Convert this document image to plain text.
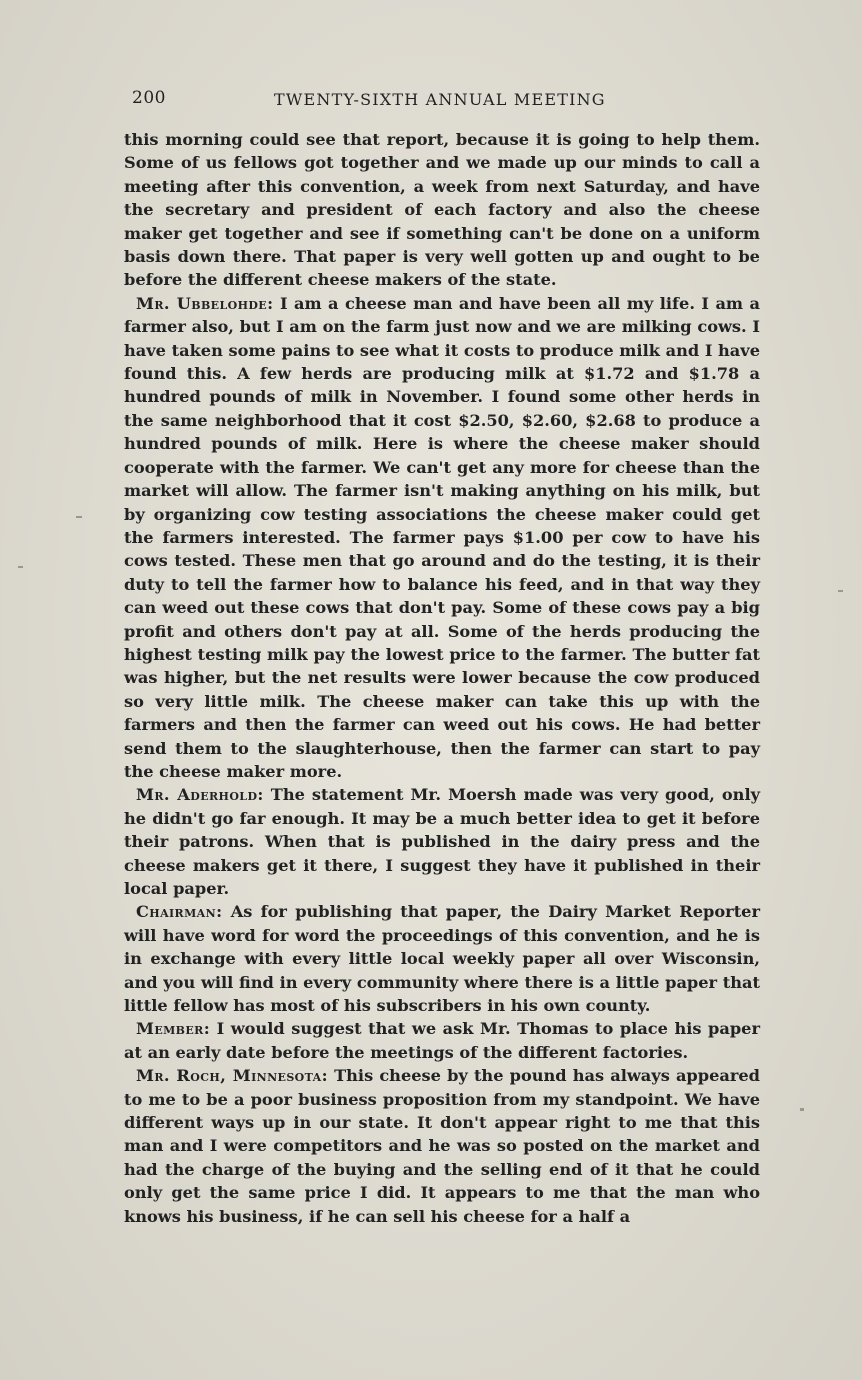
200	TWENTY-SIXTH ANNUAL MEETING

this morning could see that report, because it is going to help them. Some of us fellows got together and we made up our minds to call a meeting after this convention, a week from next Saturday, and have the secretary and president of each factory and also the cheese maker get together and see if something can't be done on a uniform basis down there. That paper is very well gotten up and ought to be before the different cheese makers of the state.

Mr. Ubbelohde: I am a cheese man and have been all my life. I am a farmer also, but I am on the farm just now and we are milking cows. I have taken some pains to see what it costs to produce milk and I have found this. A few herds are producing milk at $1.72 and $1.78 a hundred pounds of milk in November. I found some other herds in the same neighborhood that it cost $2.50, $2.60, $2.68 to produce a hundred pounds of milk. Here is where the cheese maker should cooperate with the farmer. We can't get any more for cheese than the market will allow. The farmer isn't making anything on his milk, but by organizing cow testing associations the cheese maker could get the farmers interested. The farmer pays $1.00 per cow to have his cows tested. These men that go around and do the testing, it is their duty to tell the farmer how to balance his feed, and in that way they can weed out these cows that don't pay. Some of these cows pay a big profit and others don't pay at all. Some of the herds producing the highest testing milk pay the lowest price to the farmer. The butter fat was higher, but the net results were lower because the cow produced so very little milk. The cheese maker can take this up with the farmers and then the farmer can weed out his cows. He had better send them to the slaughterhouse, then the farmer can start to pay the cheese maker more.

Mr. Aderhold: The statement Mr. Moersh made was very good, only he didn't go far enough. It may be a much better idea to get it before their patrons. When that is published in the dairy press and the cheese makers get it there, I suggest they have it published in their local paper.

Chairman: As for publishing that paper, the Dairy Market Reporter will have word for word the proceedings of this convention, and he is in exchange with every little local weekly paper all over Wisconsin, and you will find in every community where there is a little paper that little fellow has most of his subscribers in his own county.

Member: I would suggest that we ask Mr. Thomas to place his paper at an early date before the meetings of the different factories.

Mr. Roch, Minnesota: This cheese by the pound has always appeared to me to be a poor business proposition from my standpoint. We have different ways up in our state. It don't appear right to me that this man and I were competitors and he was so posted on the market and had the charge of the buying and the selling end of it that he could only get the same price I did. It appears to me that the man who knows his business, if he can sell his cheese for a half a
